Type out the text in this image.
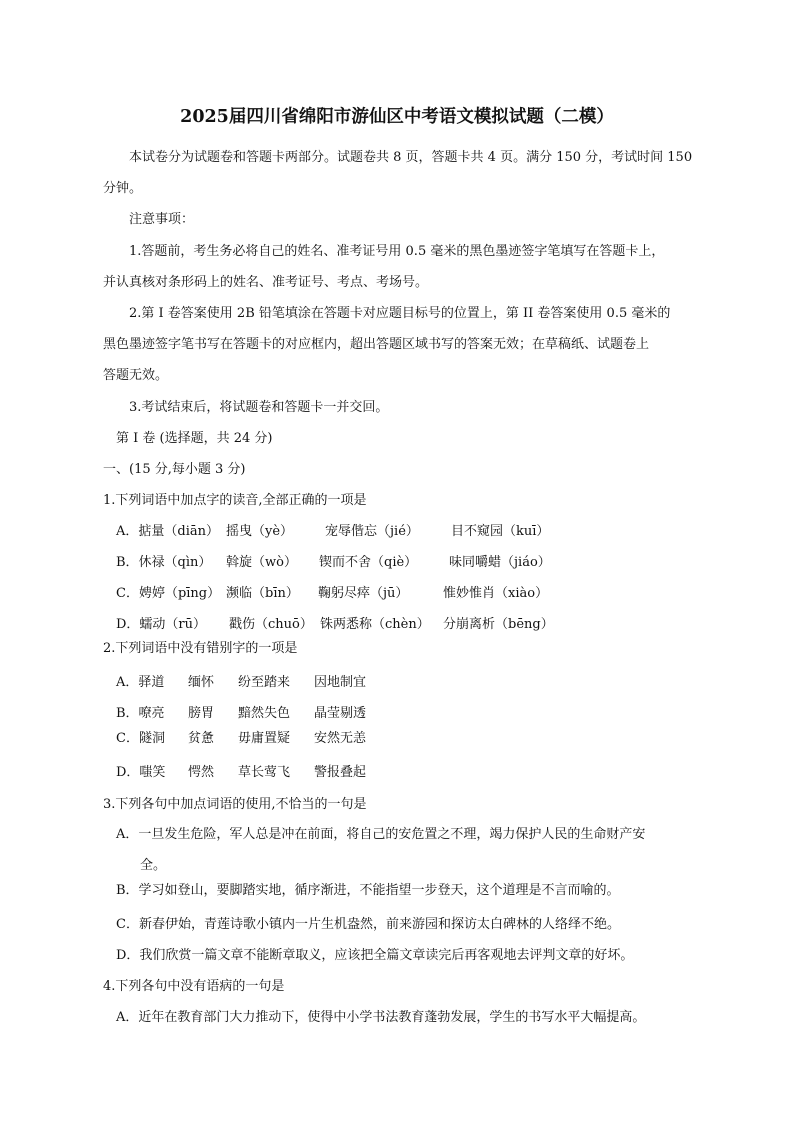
2025届四川省绵阳市游仙区中考语文模拟试题（二模）
本试卷分为试题卷和答题卡两部分。试题卷共 8 页，答题卡共 4 页。满分 150 分，考试时间 150
分钟。
注意事项：
1.答题前，考生务必将自己的姓名、准考证号用 0.5 毫米的黑色墨迹签字笔填写在答题卡上，
并认真核对条形码上的姓名、准考证号、考点、考场号。
2.第 I 卷答案使用 2B 铅笔填涂在答题卡对应题目标号的位置上，第 II 卷答案使用 0.5 毫米的
黑色墨迹签字笔书写在答题卡的对应框内，超出答题区域书写的答案无效；在草稿纸、试题卷上
答题无效。
3.考试结束后，将试题卷和答题卡一并交回。
第 I 卷 (选择题，共 24 分)
一、(15 分,每小题 3 分)
1.下列词语中加点字的读音,全部正确的一项是
A．掂量（diān） 摇曳（yè） 宠辱偕忘（jié） 目不窥园（kuī）
B．休禄（qìn） 斡旋（wò） 锲而不舍（qiè） 味同嚼蜡（jiáo）
C．娉婷（pīng） 濒临（bīn） 鞠躬尽瘁（jū）	惟妙惟肖（xiào）
D．蠕动（rū） 戳伤（chuō） 铢两悉称（chèn） 分崩离析（bēng）
2.下列词语中没有错别字的一项是
A．驿道 缅怀 纷至踏来 因地制宜
B．嘹亮 膀胃 黯然失色 晶莹剔透
C．隧洞 贫惫 毋庸置疑 安然无恙
D．嗤笑 愕然 草长莺飞 警报叠起
3.下列各句中加点词语的使用,不恰当的一句是
A．一旦发生危险，军人总是冲在前面，将自己的安危置之不理，竭力保护人民的生命财产安
全。
B．学习如登山，要脚踏实地，循序渐进，不能指望一步登天，这个道理是不言而喻的。
C．新春伊始，青莲诗歌小镇内一片生机盎然，前来游园和探访太白碑林的人络绎不绝。
D．我们欣赏一篇文章不能断章取义，应该把全篇文章读完后再客观地去评判文章的好坏。
4.下列各句中没有语病的一句是
A．近年在教育部门大力推动下，使得中小学书法教育蓬勃发展，学生的书写水平大幅提高。
